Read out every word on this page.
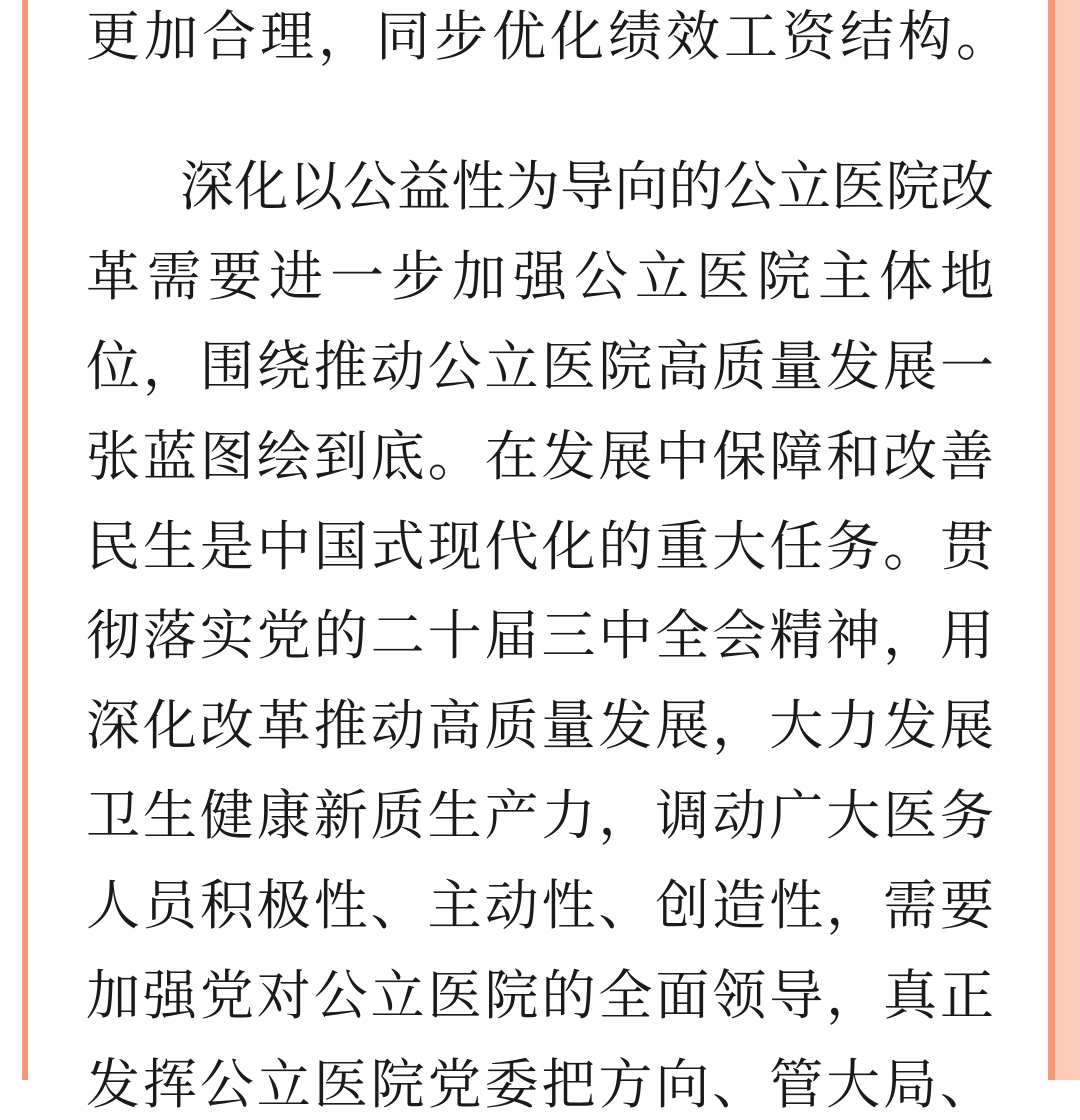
更加合理，同步优化绩效工资结构。

深化以公益性为导向的公立医院改

革需要进一步加强公立医院主体地

位，围绕推动公立医院高质量发展一

张蓝图绘到底。在发展中保障和改善

民生是中国式现代化的重大任务。贯

彻落实党的二十届三中全会精神，用

深化改革推动高质量发展，大力发展

卫生健康新质生产力，调动广大医务

人员积极性、主动性、创造性，需要

加强党对公立医院的全面领导，真正

发挥公立医院党委把方向、管大局、
